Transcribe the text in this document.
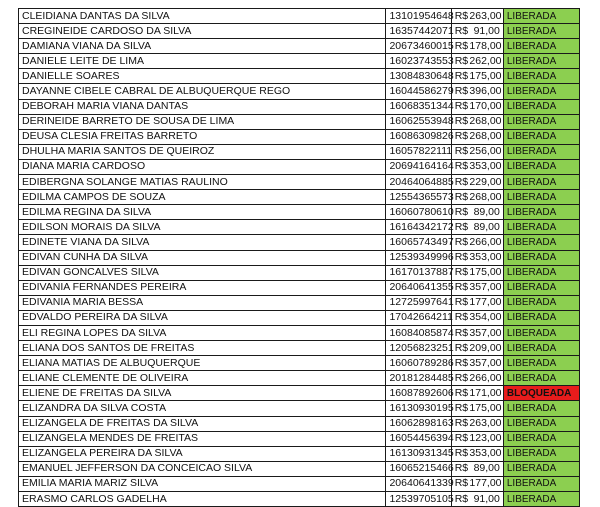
CLEIDIANA DANTAS DA SILVA	13101954648	R$	263,00	LIBERADA
CREGINEIDE CARDOSO DA SILVA	16357442071	R$	91,00	LIBERADA
DAMIANA VIANA DA SILVA	20673460015	R$	178,00	LIBERADA
DANIELE LEITE DE LIMA	16023743553	R$	262,00	LIBERADA
DANIELLE SOARES	13084830648	R$	175,00	LIBERADA
DAYANNE CIBELE CABRAL DE ALBUQUERQUE REGO	16044586279	R$	396,00	LIBERADA
DEBORAH MARIA VIANA DANTAS	16068351344	R$	170,00	LIBERADA
DERINEIDE BARRETO DE SOUSA DE LIMA	16062553948	R$	268,00	LIBERADA
DEUSA CLESIA FREITAS BARRETO	16086309826	R$	268,00	LIBERADA
DHULHA MARIA SANTOS DE QUEIROZ	16057822111	R$	256,00	LIBERADA
DIANA MARIA CARDOSO	20694164164	R$	353,00	LIBERADA
EDIBERGNA SOLANGE MATIAS RAULINO	20464064885	R$	229,00	LIBERADA
EDILMA CAMPOS DE SOUZA	12554365573	R$	268,00	LIBERADA
EDILMA REGINA DA SILVA	16060780610	R$	89,00	LIBERADA
EDILSON MORAIS DA SILVA	16164342172	R$	89,00	LIBERADA
EDINETE VIANA DA SILVA	16065743497	R$	266,00	LIBERADA
EDIVAN CUNHA DA SILVA	12539349996	R$	353,00	LIBERADA
EDIVAN GONCALVES SILVA	16170137887	R$	175,00	LIBERADA
EDIVANIA FERNANDES PEREIRA	20640641355	R$	357,00	LIBERADA
EDIVANIA MARIA BESSA	12725997641	R$	177,00	LIBERADA
EDVALDO PEREIRA DA SILVA	17042664211	R$	354,00	LIBERADA
ELI REGINA LOPES DA SILVA	16084085874	R$	357,00	LIBERADA
ELIANA DOS SANTOS DE FREITAS	12056823251	R$	209,00	LIBERADA
ELIANA MATIAS DE ALBUQUERQUE	16060789286	R$	357,00	LIBERADA
ELIANE CLEMENTE DE OLIVEIRA	20181284485	R$	266,00	LIBERADA
ELIENE DE FREITAS DA SILVA	16087892606	R$	171,00	BLOQUEADA
ELIZANDRA DA SILVA COSTA	16130930195	R$	175,00	LIBERADA
ELIZANGELA DE FREITAS DA SILVA	16062898163	R$	263,00	LIBERADA
ELIZANGELA MENDES DE FREITAS	16054456394	R$	123,00	LIBERADA
ELIZANGELA PEREIRA DA SILVA	16130931345	R$	353,00	LIBERADA
EMANUEL JEFFERSON DA CONCEICAO SILVA	16065215466	R$	89,00	LIBERADA
EMILIA MARIA MARIZ SILVA	20640641339	R$	177,00	LIBERADA
ERASMO CARLOS GADELHA	12539705105	R$	91,00	LIBERADA
